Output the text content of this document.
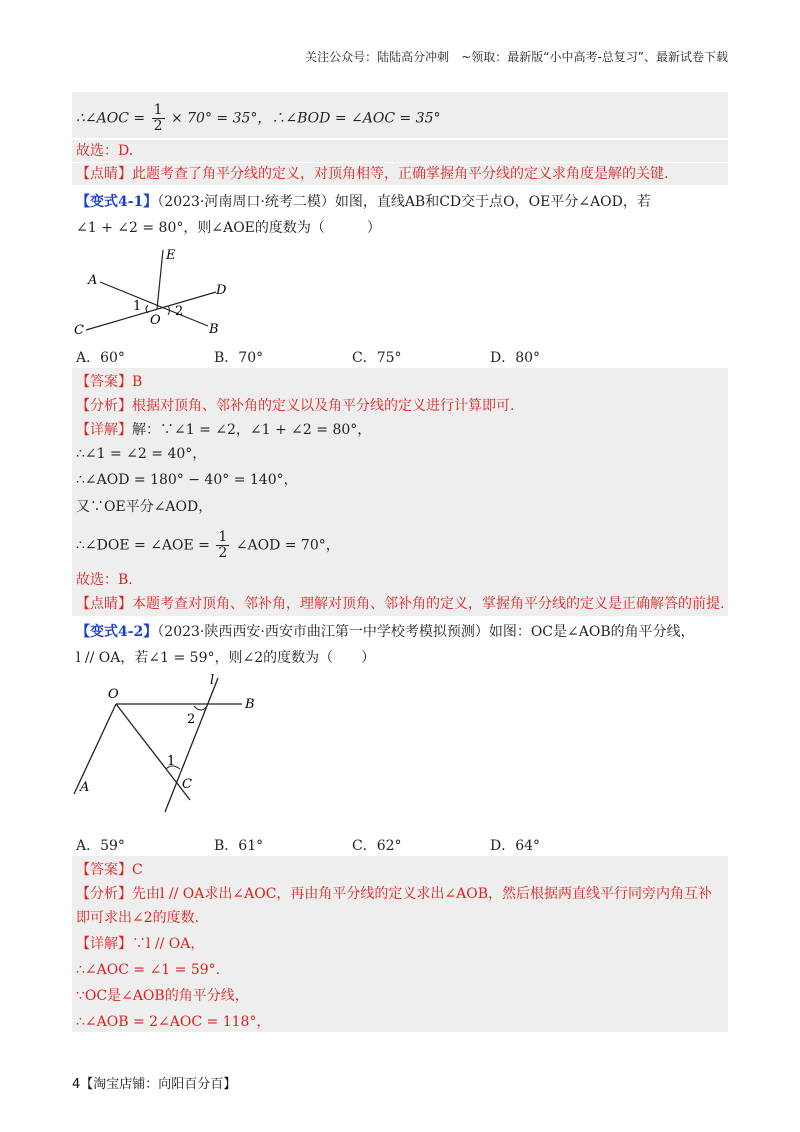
关注公众号：陆陆高分冲刺　~领取：最新版“小中高考-总复习”、最新试卷下载
∴∠AOC = $\frac{1}{2} \times 70^\circ = 35^\circ$，∴∠BOD = ∠AOC = 35°
故选：D.
【点睛】此题考查了角平分线的定义，对顶角相等，正确掌握角平分线的定义求角度是解的关键.
【变式4-1】（2023·河南周口·统考二模）如图，直线AB和CD交于点O，OE平分∠AOD，若
∠1 + ∠2 = 80°，则∠AOE的度数为（　　　）
A
B
C
D
E
O
1	2
A．60°	B．70°	C．75°	D．80°
【答案】B
【分析】根据对顶角、邻补角的定义以及角平分线的定义进行计算即可.
【详解】解：∵∠1 = ∠2，∠1 + ∠2 = 80°，
∴∠1 = ∠2 = 40°，
∴∠AOD = 180° − 40° = 140°，
又∵OE平分∠AOD，
∴∠DOE = ∠AOE = $\frac{1}{2}$ ∠AOD = 70°，
故选：B.
【点睛】本题考查对顶角、邻补角，理解对顶角、邻补角的定义，掌握角平分线的定义是正确解答的前提.
【变式4-2】（2023·陕西西安·西安市曲江第一中学校考模拟预测）如图：OC是∠AOB的角平分线，
l // OA，若∠1 = 59°，则∠2的度数为（　　）
O
l
B
A	C
1
2
A．59°	B．61°	C．62°	D．64°
【答案】C
【分析】先由l // OA求出∠AOC，再由角平分线的定义求出∠AOB，然后根据两直线平行同旁内角互补
即可求出∠2的度数.
【详解】∵l // OA，
∴∠AOC = ∠1 = 59°.
∵OC是∠AOB的角平分线，
∴∠AOB = 2∠AOC = 118°，
4【淘宝店铺：向阳百分百】
